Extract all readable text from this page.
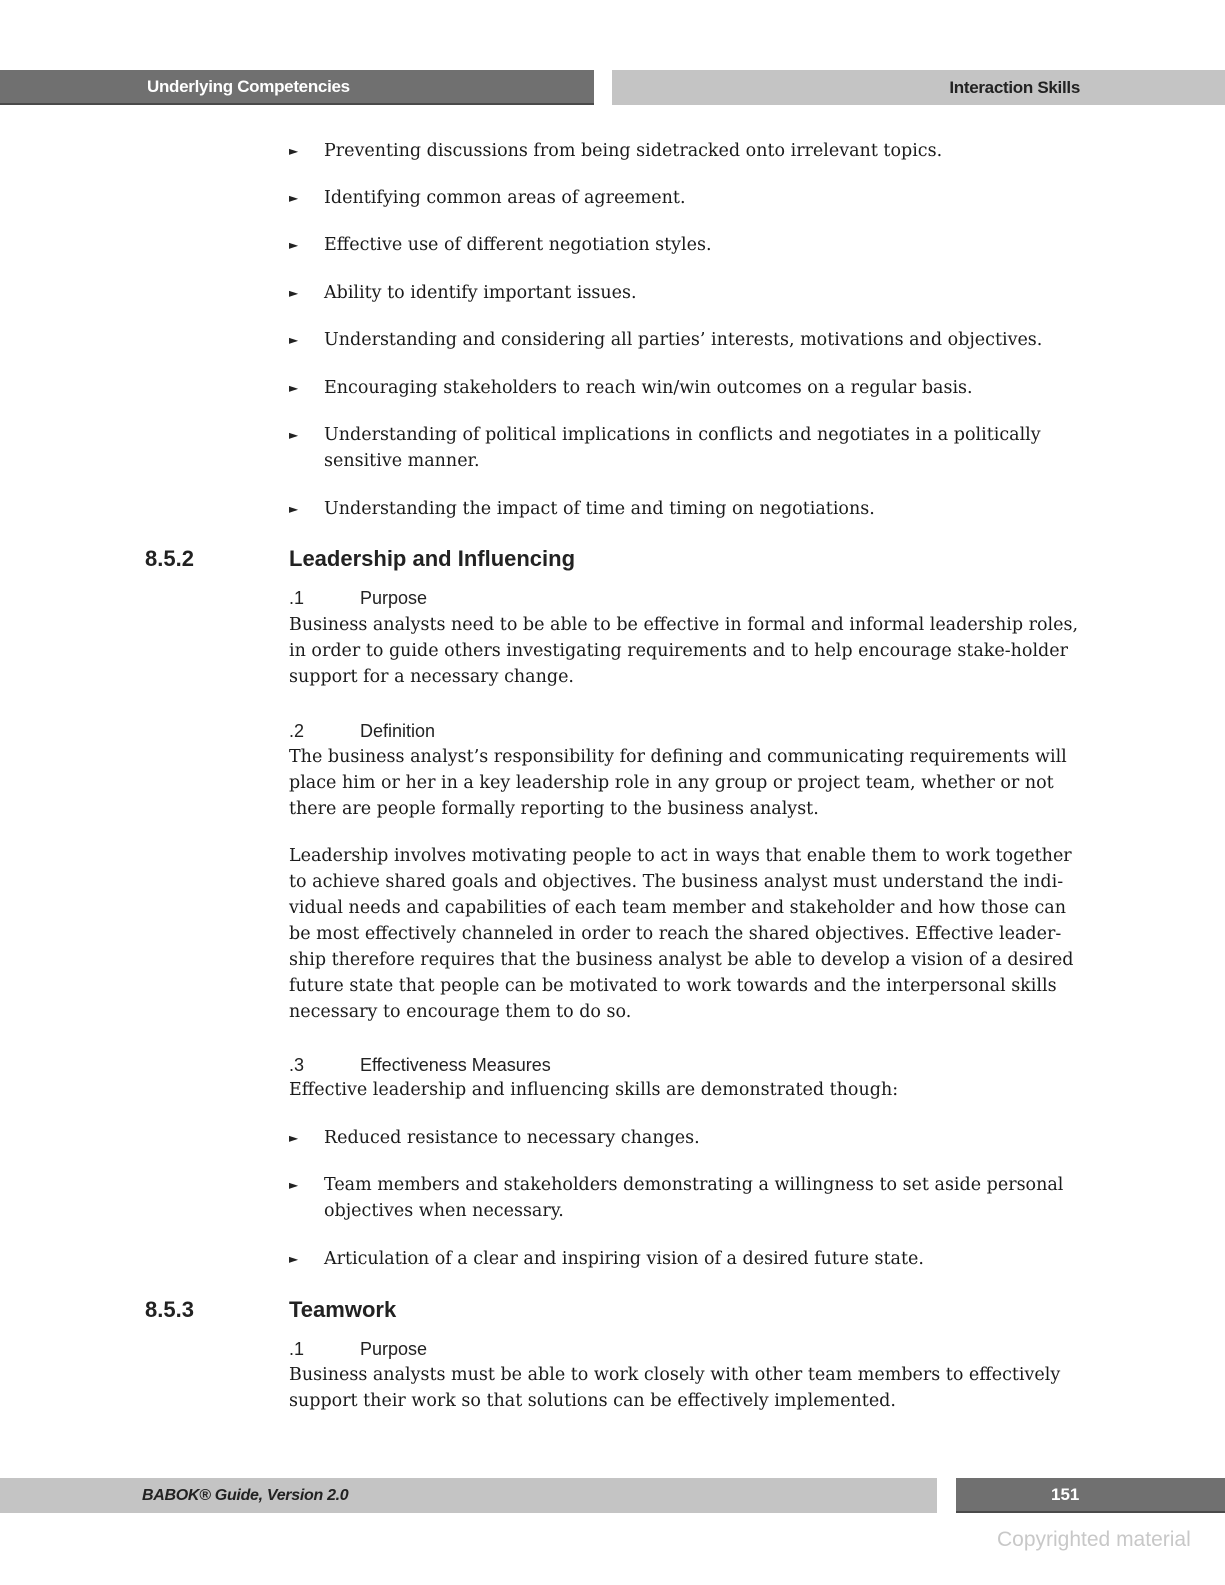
Underlying Competencies	Interaction Skills
► Preventing discussions from being sidetracked onto irrelevant topics.
► Identifying common areas of agreement.
► Effective use of different negotiation styles.
► Ability to identify important issues.
► Understanding and considering all parties’ interests, motivations and objectives.
► Encouraging stakeholders to reach win/win outcomes on a regular basis.
► Understanding of political implications in conflicts and negotiates in a politically sensitive manner.
► Understanding the impact of time and timing on negotiations.
8.5.2	Leadership and Influencing
.1	Purpose

Business analysts need to be able to be effective in formal and informal leadership roles, in order to guide others investigating requirements and to help encourage stake-holder support for a necessary change.

.2	Definition

The business analyst’s responsibility for defining and communicating requirements will place him or her in a key leadership role in any group or project team, whether or not there are people formally reporting to the business analyst.

Leadership involves motivating people to act in ways that enable them to work together to achieve shared goals and objectives. The business analyst must understand the indi-vidual needs and capabilities of each team member and stakeholder and how those can be most effectively channeled in order to reach the shared objectives. Effective leader-ship therefore requires that the business analyst be able to develop a vision of a desired future state that people can be motivated to work towards and the interpersonal skills necessary to encourage them to do so.

.3	Effectiveness Measures

Effective leadership and influencing skills are demonstrated though:

► Reduced resistance to necessary changes.
► Team members and stakeholders demonstrating a willingness to set aside personal objectives when necessary.
► Articulation of a clear and inspiring vision of a desired future state.
8.5.3	Teamwork
.1	Purpose

Business analysts must be able to work closely with other team members to effectively support their work so that solutions can be effectively implemented.

BABOK® Guide, Version 2.0	151
Copyrighted material
